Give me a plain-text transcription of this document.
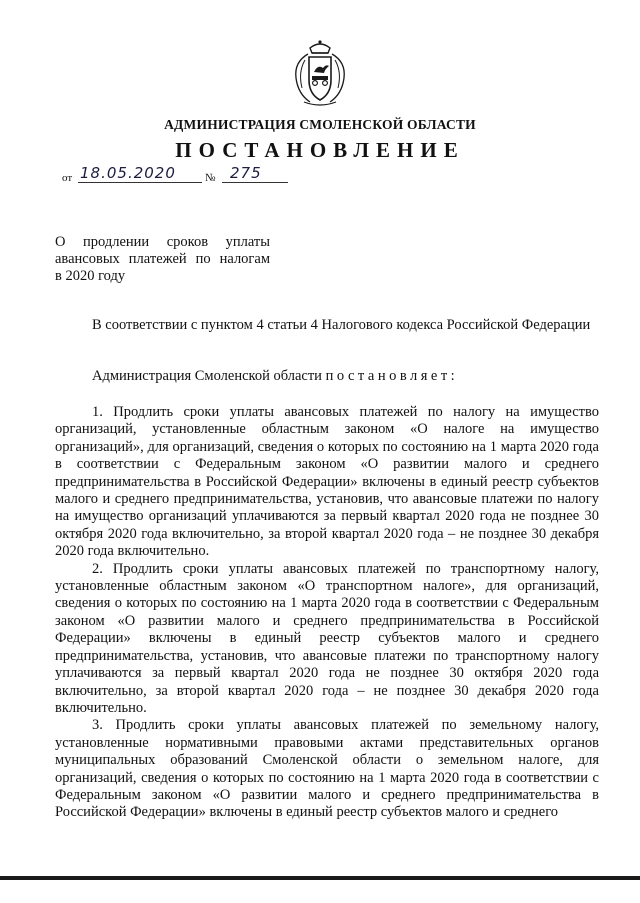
АДМИНИСТРАЦИЯ СМОЛЕНСКОЙ ОБЛАСТИ
ПОСТАНОВЛЕНИЕ
от 18.05.2020	№ 275
О продлении сроков уплаты
авансовых платежей по налогам
в 2020 году

В соответствии с пунктом 4 статьи 4 Налогового кодекса Российской Федерации

Администрация Смоленской области постановляет:

1. Продлить сроки уплаты авансовых платежей по налогу на имущество организаций, установленные областным законом «О налоге на имущество организаций», для организаций, сведения о которых по состоянию на 1 марта 2020 года в соответствии с Федеральным законом «О развитии малого и среднего предпринимательства в Российской Федерации» включены в единый реестр субъектов малого и среднего предпринимательства, установив, что авансовые платежи по налогу на имущество организаций уплачиваются за первый квартал 2020 года не позднее 30 октября 2020 года включительно, за второй квартал 2020 года – не позднее 30 декабря 2020 года включительно.

2. Продлить сроки уплаты авансовых платежей по транспортному налогу, установленные областным законом «О транспортном налоге», для организаций, сведения о которых по состоянию на 1 марта 2020 года в соответствии с Федеральным законом «О развитии малого и среднего предпринимательства в Российской Федерации» включены в единый реестр субъектов малого и среднего предпринимательства, установив, что авансовые платежи по транспортному налогу уплачиваются за первый квартал 2020 года не позднее 30 октября 2020 года включительно, за второй квартал 2020 года – не позднее 30 декабря 2020 года включительно.

3. Продлить сроки уплаты авансовых платежей по земельному налогу, установленные нормативными правовыми актами представительных органов муниципальных образований Смоленской области о земельном налоге, для организаций, сведения о которых по состоянию на 1 марта 2020 года в соответствии с Федеральным законом «О развитии малого и среднего предпринимательства в Российской Федерации» включены в единый реестр субъектов малого и среднего
